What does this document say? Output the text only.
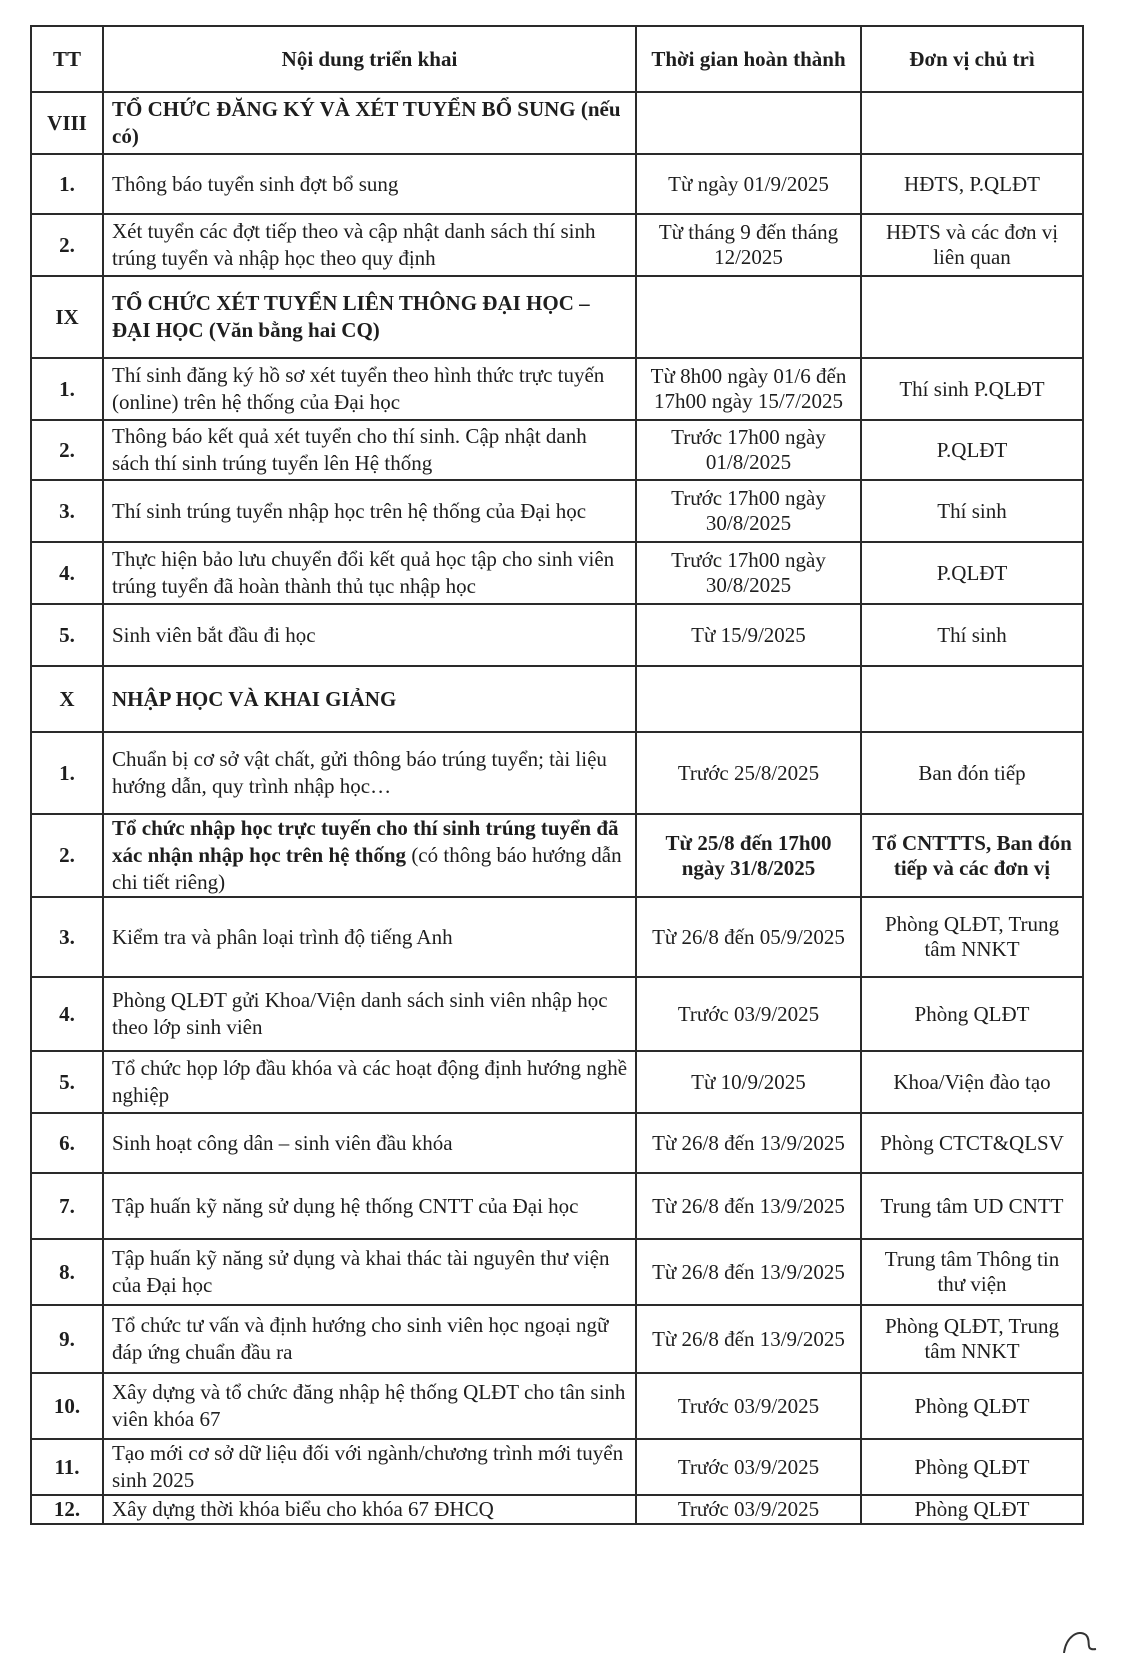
TT	Nội dung triển khai	Thời gian hoàn thành	Đơn vị chủ trì
VIII	TỔ CHỨC ĐĂNG KÝ VÀ XÉT TUYỂN BỔ SUNG (nếu có)		
1.	Thông báo tuyển sinh đợt bổ sung	Từ ngày 01/9/2025	HĐTS, P.QLĐT
2.	Xét tuyển các đợt tiếp theo và cập nhật danh sách thí sinh trúng tuyển và nhập học theo quy định	Từ tháng 9 đến tháng 12/2025	HĐTS và các đơn vị liên quan
IX	TỔ CHỨC XÉT TUYỂN LIÊN THÔNG ĐẠI HỌC – ĐẠI HỌC (Văn bằng hai CQ)		
1.	Thí sinh đăng ký hồ sơ xét tuyển theo hình thức trực tuyến (online) trên hệ thống của Đại học	Từ 8h00 ngày 01/6 đến 17h00 ngày 15/7/2025	Thí sinh P.QLĐT
2.	Thông báo kết quả xét tuyển cho thí sinh. Cập nhật danh sách thí sinh trúng tuyển lên Hệ thống	Trước 17h00 ngày 01/8/2025	P.QLĐT
3.	Thí sinh trúng tuyển nhập học trên hệ thống của Đại học	Trước 17h00 ngày 30/8/2025	Thí sinh
4.	Thực hiện bảo lưu chuyển đổi kết quả học tập cho sinh viên trúng tuyển đã hoàn thành thủ tục nhập học	Trước 17h00 ngày 30/8/2025	P.QLĐT
5.	Sinh viên bắt đầu đi học	Từ 15/9/2025	Thí sinh
X	NHẬP HỌC VÀ KHAI GIẢNG		
1.	Chuẩn bị cơ sở vật chất, gửi thông báo trúng tuyển; tài liệu hướng dẫn, quy trình nhập học…	Trước 25/8/2025	Ban đón tiếp
2.	Tổ chức nhập học trực tuyến cho thí sinh trúng tuyển đã xác nhận nhập học trên hệ thống (có thông báo hướng dẫn chi tiết riêng)	Từ 25/8 đến 17h00 ngày 31/8/2025	Tổ CNTTTS, Ban đón tiếp và các đơn vị
3.	Kiểm tra và phân loại trình độ tiếng Anh	Từ 26/8 đến 05/9/2025	Phòng QLĐT, Trung tâm NNKT
4.	Phòng QLĐT gửi Khoa/Viện danh sách sinh viên nhập học theo lớp sinh viên	Trước 03/9/2025	Phòng QLĐT
5.	Tổ chức họp lớp đầu khóa và các hoạt động định hướng nghề nghiệp	Từ 10/9/2025	Khoa/Viện đào tạo
6.	Sinh hoạt công dân – sinh viên đầu khóa	Từ 26/8 đến 13/9/2025	Phòng CTCT&QLSV
7.	Tập huấn kỹ năng sử dụng hệ thống CNTT của Đại học	Từ 26/8 đến 13/9/2025	Trung tâm UD CNTT
8.	Tập huấn kỹ năng sử dụng và khai thác tài nguyên thư viện của Đại học	Từ 26/8 đến 13/9/2025	Trung tâm Thông tin thư viện
9.	Tổ chức tư vấn và định hướng cho sinh viên học ngoại ngữ đáp ứng chuẩn đầu ra	Từ 26/8 đến 13/9/2025	Phòng QLĐT, Trung tâm NNKT
10.	Xây dựng và tổ chức đăng nhập hệ thống QLĐT cho tân sinh viên khóa 67	Trước 03/9/2025	Phòng QLĐT
11.	Tạo mới cơ sở dữ liệu đối với ngành/chương trình mới tuyển sinh 2025	Trước 03/9/2025	Phòng QLĐT
12.	Xây dựng thời khóa biểu cho khóa 67 ĐHCQ	Trước 03/9/2025	Phòng QLĐT
